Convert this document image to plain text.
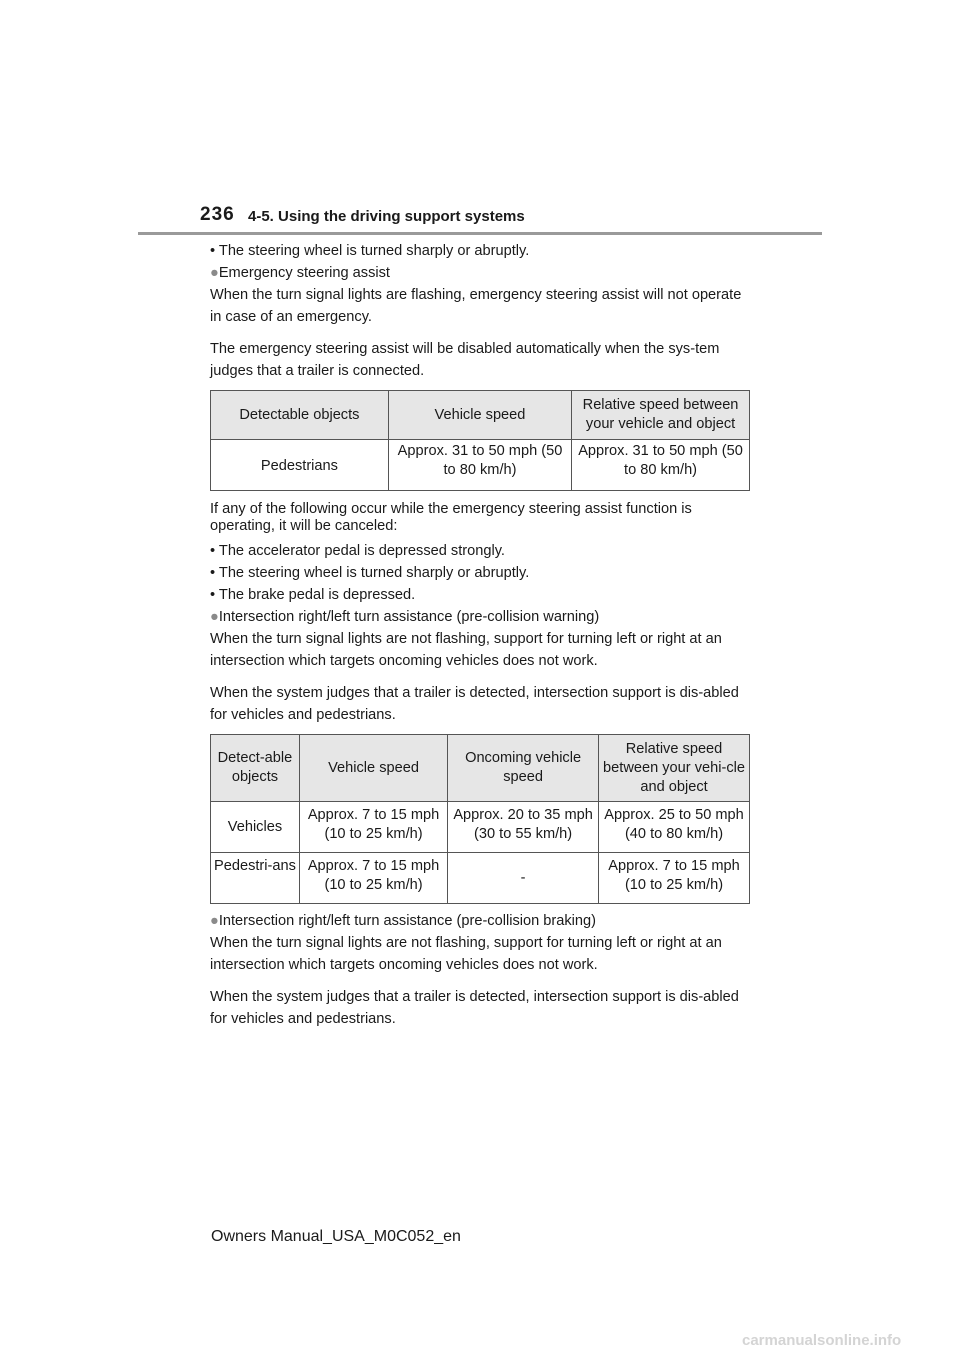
236 4-5. Using the driving support systems

• The steering wheel is turned sharply or abruptly.

●Emergency steering assist

When the turn signal lights are flashing, emergency steering assist will not operate in case of an emergency.

The emergency steering assist will be disabled automatically when the sys-tem judges that a trailer is connected.

Detectable objects	Vehicle speed	Relative speed between your vehicle and object
Pedestrians	Approx. 31 to 50 mph (50 to 80 km/h)	Approx. 31 to 50 mph (50 to 80 km/h)

If any of the following occur while the emergency steering assist function is operating, it will be canceled:

• The accelerator pedal is depressed strongly.

• The steering wheel is turned sharply or abruptly.

• The brake pedal is depressed.

●Intersection right/left turn assistance (pre-collision warning)

When the turn signal lights are not flashing, support for turning left or right at an intersection which targets oncoming vehicles does not work.

When the system judges that a trailer is detected, intersection support is dis-abled for vehicles and pedestrians.

Detect-able objects	Vehicle speed	Oncoming vehicle speed	Relative speed between your vehi-cle and object
Vehicles	Approx. 7 to 15 mph (10 to 25 km/h)	Approx. 20 to 35 mph (30 to 55 km/h)	Approx. 25 to 50 mph (40 to 80 km/h)
Pedestri-ans	Approx. 7 to 15 mph (10 to 25 km/h)	-	Approx. 7 to 15 mph (10 to 25 km/h)

●Intersection right/left turn assistance (pre-collision braking)

When the turn signal lights are not flashing, support for turning left or right at an intersection which targets oncoming vehicles does not work.

When the system judges that a trailer is detected, intersection support is dis-abled for vehicles and pedestrians.

Owners Manual_USA_M0C052_en
carmanualsonline.info
